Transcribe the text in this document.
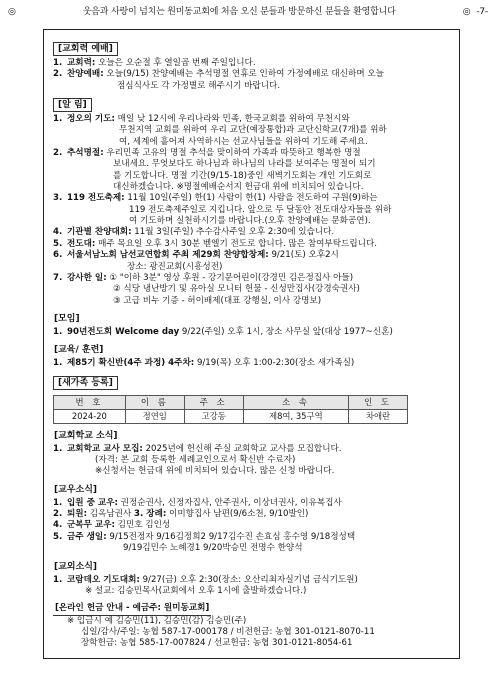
◎	웃음과 사랑이 넘치는 원미동교회에 처음 오신 분들과 방문하신 분들을 환영합니다	◎ -7-
[교회력 예배]
1. 교회력: 오늘은 오순절 후 열일곱 번째 주일입니다.
2. 찬양예배: 오늘(9/15) 찬양예배는 추석명절 연휴로 인하여 가정예배로 대신하며 오늘
점심식사도 각 가정별로 해주시기 바랍니다.
[알 림]
1. 정오의 기도: 매일 낮 12시에 우리나라와 민족, 한국교회를 위하여 무천시와
무천지역 교회를 위하여 우리 교단(예장통합)과 교단신학교(7개)를 위하
여, 세계에 흩어져 사역하시는 선교사님들을 위하여 기도해 주세요.
2. 추석명절: 우리민족 고유의 명절 추석을 맞이하여 가족과 따뜻하고 행복한 명절
보내세요. 무엇보다도 하나님과 하나님의 나라를 보여주는 명절이 되기
를 기도합니다. 명절 기간(9/15-18)중인 새벽기도회는 개인 기도회로
대신하겠습니다. ※명절예배순서지 헌금대 위에 비치되어 있습니다.
3. 119 전도축제: 11월 10일(주일) 한(1) 사람이 한(1) 사람을 전도하여 구원(9)하는
119 전도축제주일로 지킵니다. 앞으로 두 달동안 전도대상자들을 위하
여 기도하며 실천하시기를 바랍니다.(오후 찬양예배는 문화공연).
4. 기관별 찬양대회: 11월 3일(주일) 추수감사주일 오후 2:30에 있습니다.
5. 전도대: 매주 목요일 오후 3시 30분 벧엘기 전도로 합니다. 많은 참여부탁드립니다.
6. 서울서남노회 남선교연합회 주최 제29회 찬양합창제: 9/21(토) 오후2시
장소: 광진교회(시흥성전)
7. 강사한 일: ① "이하 3분" 영상 후원 - 강기문어린이(강경민 김은정집사 아들)
② 식당 냉난방기 및 유아실 모니터 헌물 - 신성만집사(강경숙권사)
③ 고급 비누 기증 - 허이배제(대표 강행실, 이사 강명보)
[모임]
1. 90년전도회 Welcome day 9/22(주일) 오후 1시, 장소 사무실 앞(대상 1977~신혼)
[교육/ 훈련]
1. 제85기 확신반(4주 과정) 4주차: 9/19(목) 오후 1:00-2:30(장소 새가족실)
[새가족 등록]
번 호	이 름	주 소	소 속	인 도
2024-20	정연임	고강동	제8여, 35구역	차애란
[교회학교 소식]
1. 교회학교 교사 모집: 2025년에 헌신해 주실 교회학교 교사를 모집합니다.
(자격: 본 교회 등록한 세례교인으로서 확신반 수료자)
※신청서는 헌금대 위에 비치되어 있습니다. 많은 신청 바랍니다.
[교우소식]
1. 입원 중 교우: 권정순권사, 신정자집사, 안주권사, 이상녀권사, 이유복집사
2. 퇴원: 김옥남권사 3. 장례: 이미향집사 남편(9/6소천, 9/10발인)
4. 군복무 교우: 김민호 김인성
5. 금주 생일: 9/15전정자 9/16김정희2 9/17김수진 손효심 홍수영 9/18정성택
9/19김민수 노혜경1 9/20박승민 전명수 한양석
[교외소식]
1. 코람데오 기도대회: 9/27(금) 오후 2:30(장소: 오산리최자실기념 금식기도원)
※ 설교: 김승민목사(교회에서 오후 1시에 출발하겠습니다.)
[온라인 헌금 안내 - 예금주: 원미동교회]
※ 입금시 예 김승민(11), 김승민(감) 김승민(주)
십일/감사/주일: 농협 587-17-000178 / 비전헌금: 농협 301-0121-8070-11
장학헌금: 농협 585-17-007824 / 선교헌금: 농협 301-0121-8054-61
